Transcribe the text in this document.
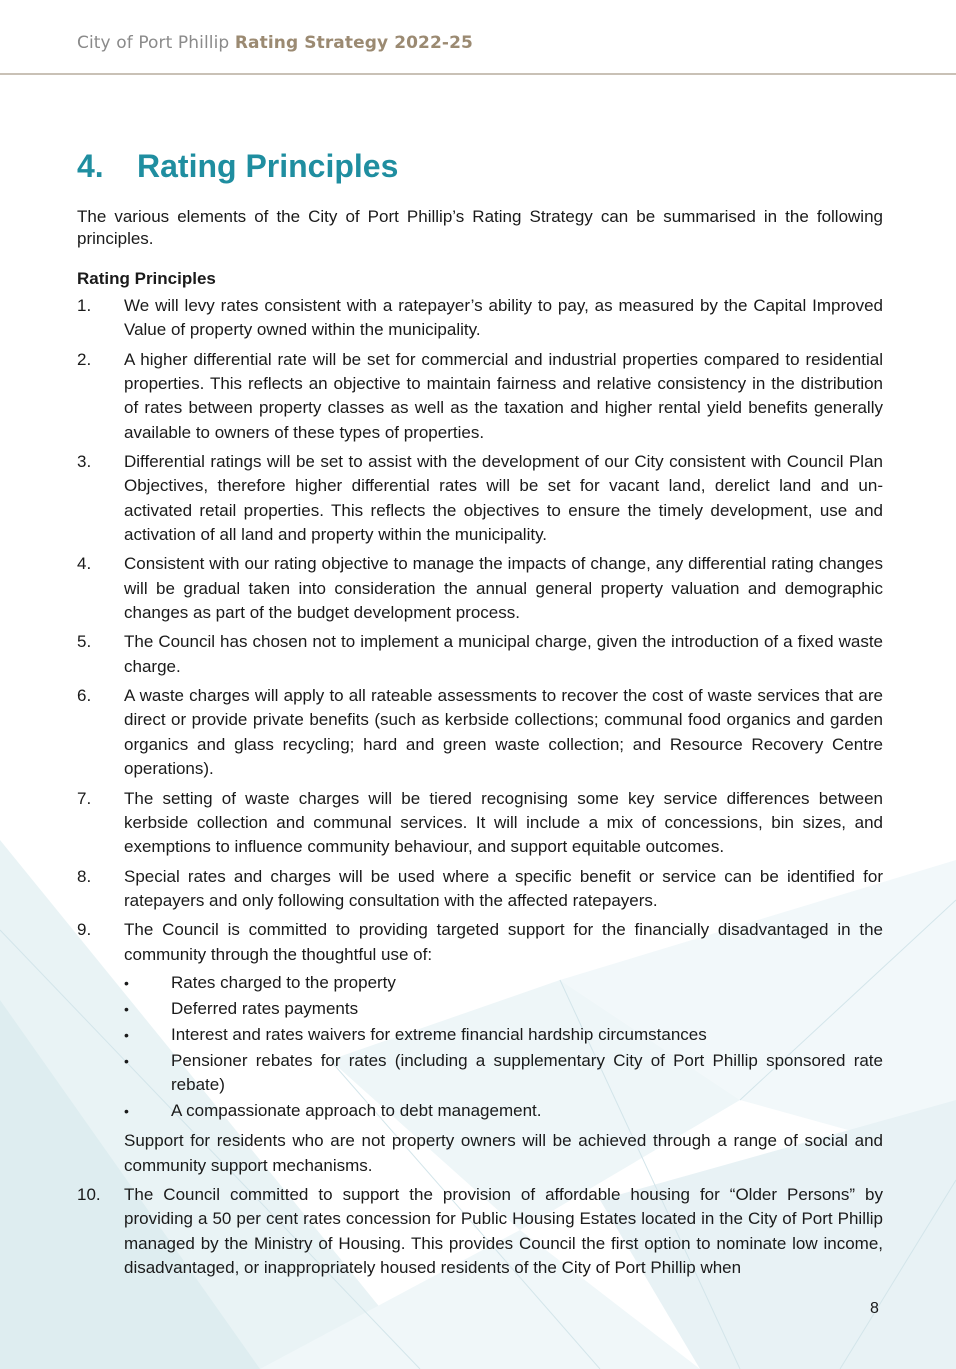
City of Port Phillip Rating Strategy 2022-25
4. Rating Principles

The various elements of the City of Port Phillip’s Rating Strategy can be summarised in the following principles.

Rating Principles

1. We will levy rates consistent with a ratepayer’s ability to pay, as measured by the Capital Improved Value of property owned within the municipality.
2. A higher differential rate will be set for commercial and industrial properties compared to residential properties. This reflects an objective to maintain fairness and relative consistency in the distribution of rates between property classes as well as the taxation and higher rental yield benefits generally available to owners of these types of properties.
3. Differential ratings will be set to assist with the development of our City consistent with Council Plan Objectives, therefore higher differential rates will be set for vacant land, derelict land and un-activated retail properties. This reflects the objectives to ensure the timely development, use and activation of all land and property within the municipality.
4. Consistent with our rating objective to manage the impacts of change, any differential rating changes will be gradual taken into consideration the annual general property valuation and demographic changes as part of the budget development process.
5. The Council has chosen not to implement a municipal charge, given the introduction of a fixed waste charge.
6. A waste charges will apply to all rateable assessments to recover the cost of waste services that are direct or provide private benefits (such as kerbside collections; communal food organics and garden organics and glass recycling; hard and green waste collection; and Resource Recovery Centre operations).
7. The setting of waste charges will be tiered recognising some key service differences between kerbside collection and communal services. It will include a mix of concessions, bin sizes, and exemptions to influence community behaviour, and support equitable outcomes.
8. Special rates and charges will be used where a specific benefit or service can be identified for ratepayers and only following consultation with the affected ratepayers.
9. The Council is committed to providing targeted support for the financially disadvantaged in the community through the thoughtful use of:
• Rates charged to the property
• Deferred rates payments
• Interest and rates waivers for extreme financial hardship circumstances
• Pensioner rebates for rates (including a supplementary City of Port Phillip sponsored rate rebate)
• A compassionate approach to debt management.
Support for residents who are not property owners will be achieved through a range of social and community support mechanisms.
10. The Council committed to support the provision of affordable housing for “Older Persons” by providing a 50 per cent rates concession for Public Housing Estates located in the City of Port Phillip managed by the Ministry of Housing. This provides Council the first option to nominate low income, disadvantaged, or inappropriately housed residents of the City of Port Phillip when
8
